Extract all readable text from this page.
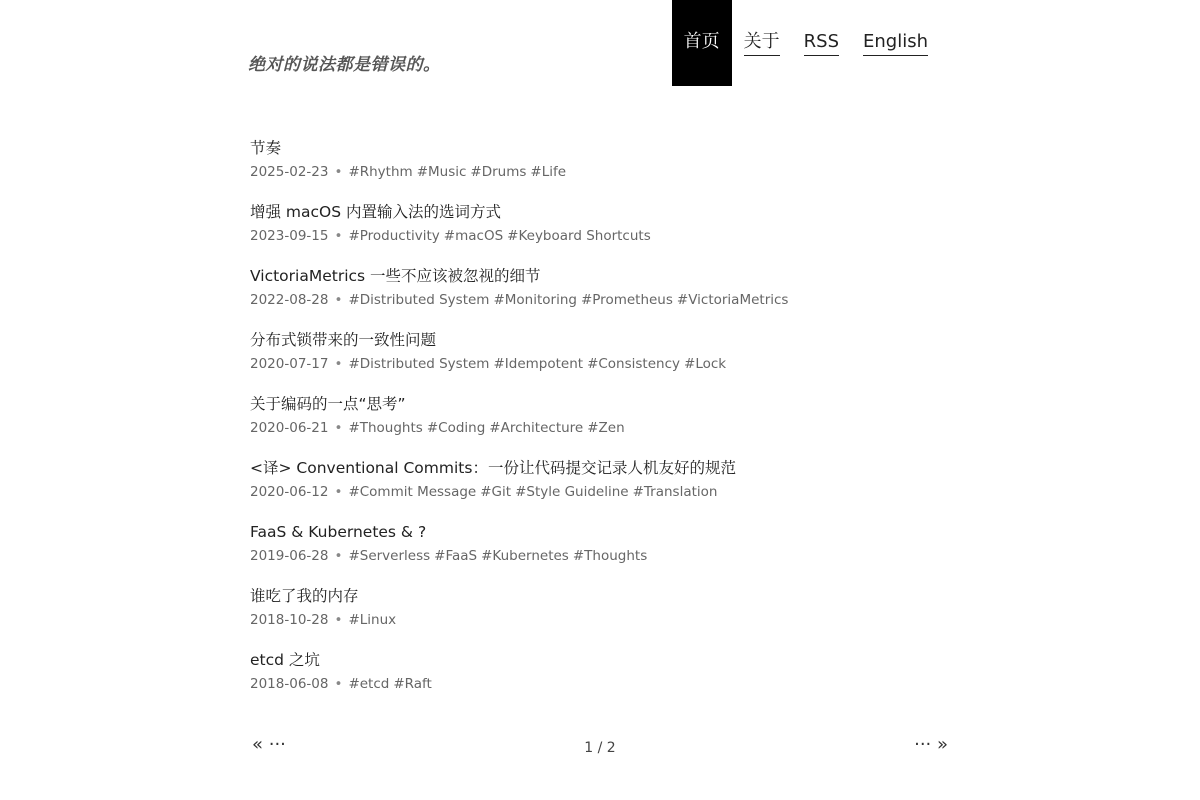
绝对的说法都是错误的。
首页 关于 RSS English
节奏
2025-02-23 • #Rhythm #Music #Drums #Life
增强 macOS 内置输入法的选词方式
2023-09-15 • #Productivity #macOS #Keyboard Shortcuts
VictoriaMetrics 一些不应该被忽视的细节
2022-08-28 • #Distributed System #Monitoring #Prometheus #VictoriaMetrics
分布式锁带来的一致性问题
2020-07-17 • #Distributed System #Idempotent #Consistency #Lock
关于编码的一点“思考”
2020-06-21 • #Thoughts #Coding #Architecture #Zen
<译> Conventional Commits：一份让代码提交记录人机友好的规范
2020-06-12 • #Commit Message #Git #Style Guideline #Translation
FaaS & Kubernetes & ?
2019-06-28 • #Serverless #FaaS #Kubernetes #Thoughts
谁吃了我的内存
2018-10-28 • #Linux
etcd 之坑
2018-06-08 • #etcd #Raft
« ···	1 / 2	··· »
